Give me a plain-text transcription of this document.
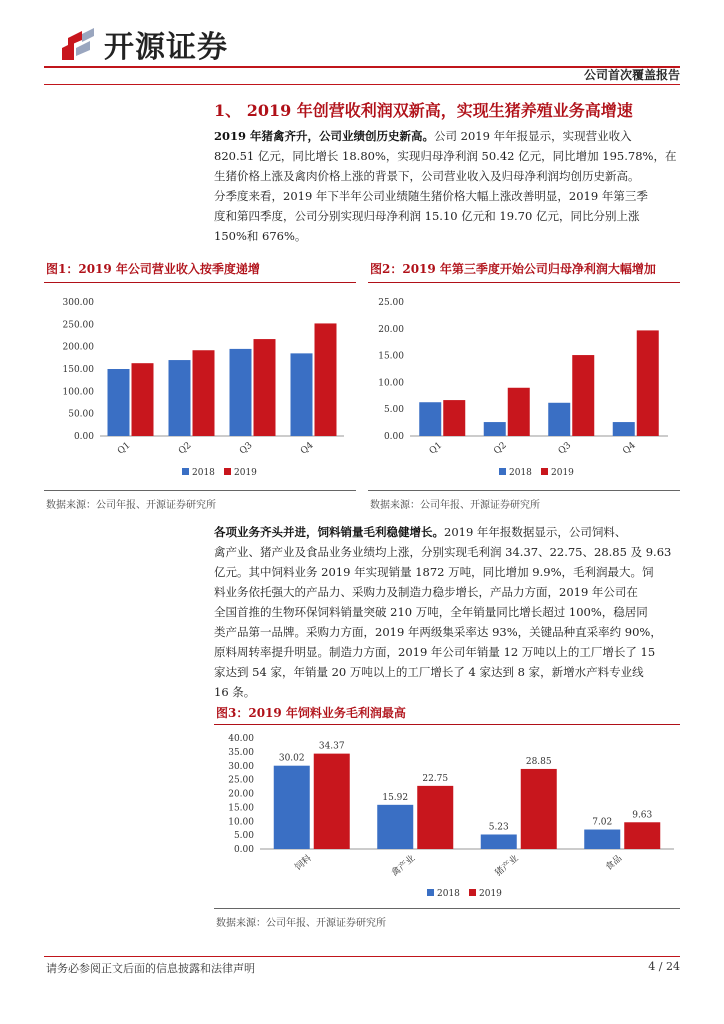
开源证券
公司首次覆盖报告
1、 2019 年创营收利润双新高，实现生猪养殖业务高增速
2019 年猪禽齐升，公司业绩创历史新高。公司 2019 年年报显示，实现营业收入
820.51 亿元，同比增长 18.80%，实现归母净利润 50.42 亿元，同比增加 195.78%，在
生猪价格上涨及禽肉价格上涨的背景下，公司营业收入及归母净利润均创历史新高。
分季度来看，2019 年下半年公司业绩随生猪价格大幅上涨改善明显，2019 年第三季
度和第四季度，公司分别实现归母净利润 15.10 亿元和 19.70 亿元，同比分别上涨
150%和 676%。
图1：2019 年公司营业收入按季度递增	图2：2019 年第三季度开始公司归母净利润大幅增加
0.00
50.00
100.00
150.00
200.00
250.00
300.00
Q1	Q2	Q3	Q4
2018 2019
0.00
5.00
10.00
15.00
20.00
25.00
Q1	Q2	Q3	Q4
2018 2019
数据来源：公司年报、开源证券研究所	数据来源：公司年报、开源证券研究所
各项业务齐头并进，饲料销量毛利稳健增长。2019 年年报数据显示，公司饲料、
禽产业、猪产业及食品业务业绩均上涨，分别实现毛利润 34.37、22.75、28.85 及 9.63
亿元。其中饲料业务 2019 年实现销量 1872 万吨，同比增加 9.9%，毛利润最大。饲
料业务依托强大的产品力、采购力及制造力稳步增长，产品力方面，2019 年公司在
全国首推的生物环保饲料销量突破 210 万吨，全年销量同比增长超过 100%，稳居同
类产品第一品牌。采购力方面，2019 年两级集采率达 93%，关键品种直采率约 90%，
原料周转率提升明显。制造力方面，2019 年公司年销量 12 万吨以上的工厂增长了 15
家达到 54 家，年销量 20 万吨以上的工厂增长了 4 家达到 8 家，新增水产料专业线
16 条。
图3：2019 年饲料业务毛利润最高
0.00
5.00
10.00
15.00
20.00
25.00
30.00
35.00
40.00
30.02
34.37
饲料
15.92
22.75
禽产业
5.23
28.85
猪产业
7.02
9.63
食品
2018 2019
数据来源：公司年报、开源证券研究所
请务必参阅正文后面的信息披露和法律声明	4 / 24
